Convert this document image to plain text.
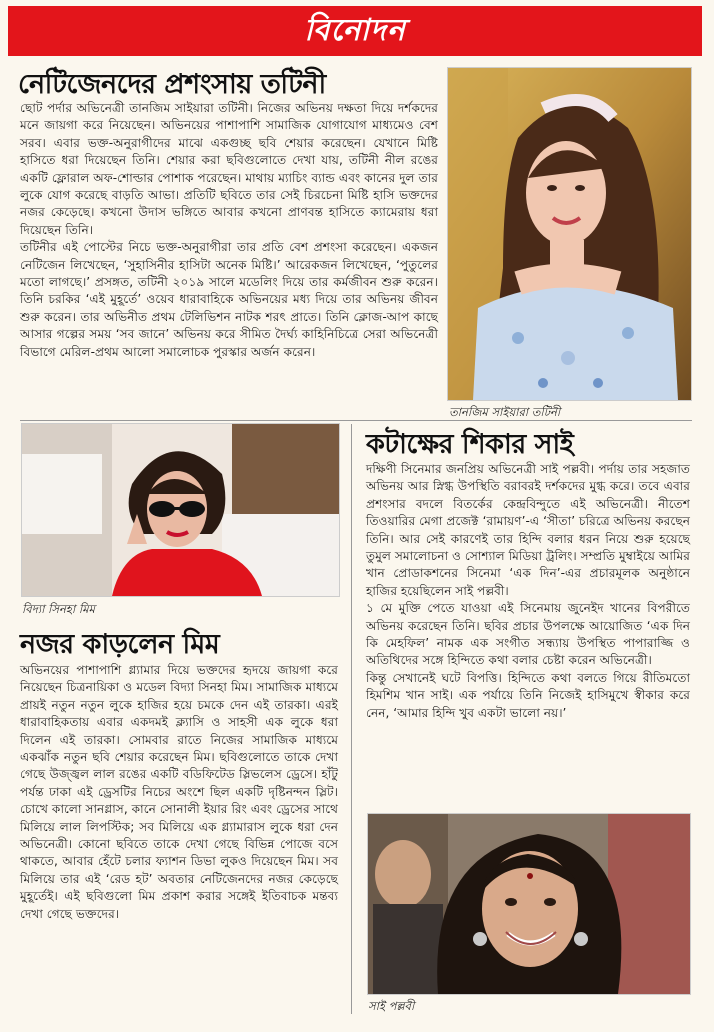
বিনোদন
নেটিজেনদের প্রশংসায় তটিনী

ছোট পর্দার অভিনেত্রী তানজিম সাইয়ারা তটিনী। নিজের অভিনয় দক্ষতা দিয়ে দর্শকদের মনে জায়গা করে নিয়েছেন। অভিনয়ের পাশাপাশি সামাজিক যোগাযোগ মাধ্যমেও বেশ সরব। এবার ভক্ত-অনুরাগীদের মাঝে একগুচ্ছ ছবি শেয়ার করেছেন। যেখানে মিষ্টি হাসিতে ধরা দিয়েছেন তিনি। শেয়ার করা ছবিগুলোতে দেখা যায়, তটিনী নীল রঙের একটি ফ্লোরাল অফ-শোল্ডার পোশাক পরেছেন। মাথায় ম্যাচিং ব্যান্ড এবং কানের দুল তার লুকে যোগ করেছে বাড়তি আভা। প্রতিটি ছবিতে তার সেই চিরচেনা মিষ্টি হাসি ভক্তদের নজর কেড়েছে। কখনো উদাস ভঙ্গিতে আবার কখনো প্রাণবন্ত হাসিতে ক্যামেরায় ধরা দিয়েছেন তিনি।

তটিনীর এই পোস্টের নিচে ভক্ত-অনুরাগীরা তার প্রতি বেশ প্রশংসা করেছেন। একজন নেটিজেন লিখেছেন, ‘সুহাসিনীর হাসিটা অনেক মিষ্টি।’ আরেকজন লিখেছেন, ‘পুতুলের মতো লাগছে।’ প্রসঙ্গত, তটিনী ২০১৯ সালে মডেলিং দিয়ে তার কর্মজীবন শুরু করেন। তিনি চরকির ‘এই মুহূর্তে’ ওয়েব ধারাবাহিকে অভিনয়ের মধ্য দিয়ে তার অভিনয় জীবন শুরু করেন। তার অভিনীত প্রথম টেলিভিশন নাটক শরৎ প্রাতে। তিনি ক্লোজ-আপ কাছে আসার গল্পের সময় ‘সব জানে’ অভিনয় করে সীমিত দৈর্ঘ্য কাহিনিচিত্রে সেরা অভিনেত্রী বিভাগে মেরিল-প্রথম আলো সমালোচক পুরস্কার অর্জন করেন।

তানজিম সাইয়ারা তটিনী
বিদ্যা সিনহা মিম
নজর কাড়লেন মিম

অভিনয়ের পাশাপাশি গ্ল্যামার দিয়ে ভক্তদের হৃদয়ে জায়গা করে নিয়েছেন চিত্রনায়িকা ও মডেল বিদ্যা সিনহা মিম। সামাজিক মাধ্যমে প্রায়ই নতুন নতুন লুকে হাজির হয়ে চমকে দেন এই তারকা। এরই ধারাবাহিকতায় এবার একদমই ক্ল্যাসি ও সাহসী এক লুকে ধরা দিলেন এই তারকা। সোমবার রাতে নিজের সামাজিক মাধ্যমে একঝাঁক নতুন ছবি শেয়ার করেছেন মিম। ছবিগুলোতে তাকে দেখা গেছে উজ্জ্বল লাল রঙের একটি বডিফিটেড স্লিভলেস ড্রেসে। হাঁটু পর্যন্ত ঢাকা এই ড্রেসটির নিচের অংশে ছিল একটি দৃষ্টিনন্দন স্লিট। চোখে কালো সানগ্লাস, কানে সোনালী ইয়ার রিং এবং ড্রেসের সাথে মিলিয়ে লাল লিপস্টিক; সব মিলিয়ে এক গ্ল্যামারাস লুকে ধরা দেন অভিনেত্রী। কোনো ছবিতে তাকে দেখা গেছে বিভিন্ন পোজে বসে থাকতে, আবার হেঁটে চলার ফ্যাশন ডিভা লুকও দিয়েছেন মিম। সব মিলিয়ে তার এই ‘রেড হট’ অবতার নেটিজেনদের নজর কেড়েছে মুহূর্তেই। এই ছবিগুলো মিম প্রকাশ করার সঙ্গেই ইতিবাচক মন্তব্য দেখা গেছে ভক্তদের।

কটাক্ষের শিকার সাই

দক্ষিণী সিনেমার জনপ্রিয় অভিনেত্রী সাই পল্লবী। পর্দায় তার সহজাত অভিনয় আর স্নিগ্ধ উপস্থিতি বরাবরই দর্শকদের মুগ্ধ করে। তবে এবার প্রশংসার বদলে বিতর্কের কেন্দ্রবিন্দুতে এই অভিনেত্রী। নীতেশ তিওয়ারির মেগা প্রজেক্ট ‘রামায়ণ’-এ ‘সীতা’ চরিত্রে অভিনয় করছেন তিনি। আর সেই কারণেই তার হিন্দি বলার ধরন নিয়ে শুরু হয়েছে তুমুল সমালোচনা ও সোশ্যাল মিডিয়া ট্রলিং। সম্প্রতি মুম্বাইয়ে আমির খান প্রোডাকশনের সিনেমা ‘এক দিন’-এর প্রচারমূলক অনুষ্ঠানে হাজির হয়েছিলেন সাই পল্লবী।

১ মে মুক্তি পেতে যাওয়া এই সিনেমায় জুনেইদ খানের বিপরীতে অভিনয় করেছেন তিনি। ছবির প্রচার উপলক্ষে আয়োজিত ‘এক দিন কি মেহফিল’ নামক এক সংগীত সন্ধ্যায় উপস্থিত পাপারাজ্জি ও অতিথিদের সঙ্গে হিন্দিতে কথা বলার চেষ্টা করেন অভিনেত্রী।

কিন্তু সেখানেই ঘটে বিপত্তি। হিন্দিতে কথা বলতে গিয়ে রীতিমতো হিমশিম খান সাই। এক পর্যায়ে তিনি নিজেই হাসিমুখে স্বীকার করে নেন, ‘আমার হিন্দি খুব একটা ভালো নয়।’

সাই পল্লবী
